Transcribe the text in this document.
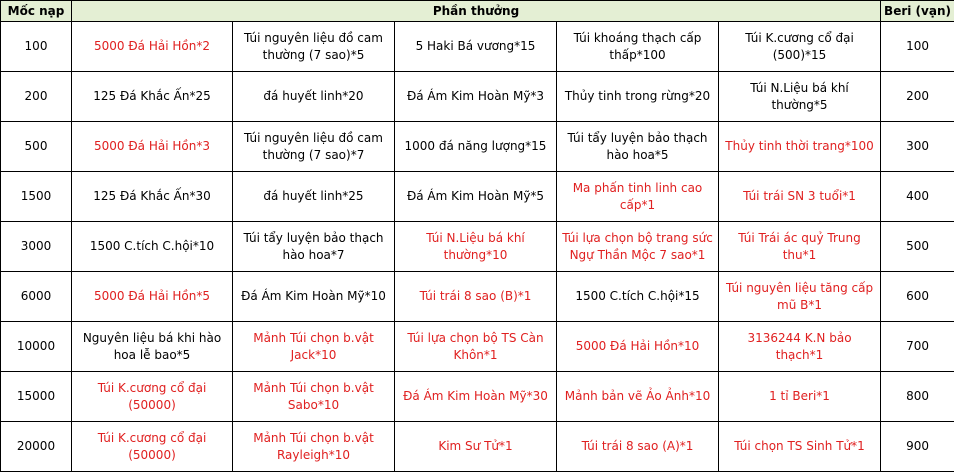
Mốc nạp	Phần thưởng					Beri (vạn)
100	5000 Đá Hải Hồn*2	Túi nguyên liệu đồ cam thường (7 sao)*5	5 Haki Bá vương*15	Túi khoáng thạch cấp thấp*100	Túi K.cương cổ đại (500)*15	100
200	125 Đá Khắc Ấn*25	đá huyết linh*20	Đá Ám Kim Hoàn Mỹ*3	Thủy tinh trong rừng*20	Túi N.Liệu bá khí thường*5	200
500	5000 Đá Hải Hồn*3	Túi nguyên liệu đồ cam thường (7 sao)*7	1000 đá năng lượng*15	Túi tẩy luyện bảo thạch hào hoa*5	Thủy tinh thời trang*100	300
1500	125 Đá Khắc Ấn*30	đá huyết linh*25	Đá Ám Kim Hoàn Mỹ*5	Ma phấn tinh linh cao cấp*1	Túi trái SN 3 tuổi*1	400
3000	1500 C.tích C.hội*10	Túi tẩy luyện bảo thạch hào hoa*7	Túi N.Liệu bá khí thường*10	Túi lựa chọn bộ trang sức Ngự Thần Mộc 7 sao*1	Túi Trái ác quỷ Trung thu*1	500
6000	5000 Đá Hải Hồn*5	Đá Ám Kim Hoàn Mỹ*10	Túi trái 8 sao (B)*1	1500 C.tích C.hội*15	Túi nguyên liệu tăng cấp mũ B*1	600
10000	Nguyên liệu bá khi hào hoa lễ bao*5	Mảnh Túi chọn b.vật Jack*10	Túi lựa chọn bộ TS Càn Khôn*1	5000 Đá Hải Hồn*10	3136244 K.N bảo thạch*1	700
15000	Túi K.cương cổ đại (50000)	Mảnh Túi chọn b.vật Sabo*10	Đá Ám Kim Hoàn Mỹ*30	Mảnh bản vẽ Ảo Ảnh*10	1 tỉ Beri*1	800
20000	Túi K.cương cổ đại (50000)	Mảnh Túi chọn b.vật Rayleigh*10	Kim Sư Tử*1	Túi trái 8 sao (A)*1	Túi chọn TS Sinh Tử*1	900
